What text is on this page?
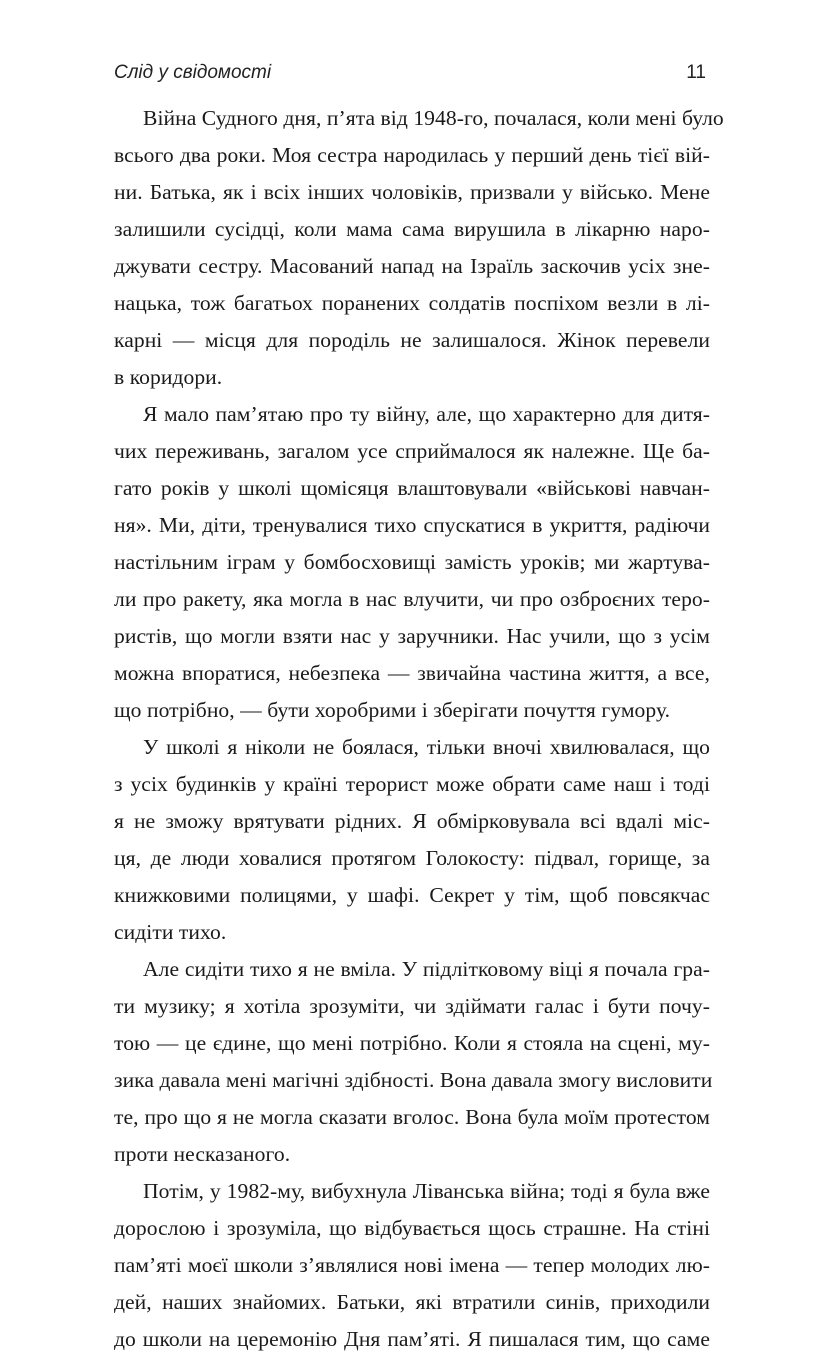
Слід у свідомості	11
Війна Судного дня, п’ята від 1948-го, почалася, коли мені було
всього два роки. Моя сестра народилась у перший день тієї вій-
ни. Батька, як і всіх інших чоловіків, призвали у військо. Мене
залишили сусідці, коли мама сама вирушила в лікарню наро-
джувати сестру. Масований напад на Ізраїль заскочив усіх зне-
нацька, тож багатьох поранених солдатів поспіхом везли в лі-
карні — місця для породіль не залишалося. Жінок перевели
в коридори.
Я мало пам’ятаю про ту війну, але, що характерно для дитя-
чих переживань, загалом усе сприймалося як належне. Ще ба-
гато років у школі щомісяця влаштовували «військові навчан-
ня». Ми, діти, тренувалися тихо спускатися в укриття, радіючи
настільним іграм у бомбосховищі замість уроків; ми жартува-
ли про ракету, яка могла в нас влучити, чи про озброєних теро-
ристів, що могли взяти нас у заручники. Нас учили, що з усім
можна впоратися, небезпека — звичайна частина життя, а все,
що потрібно, — бути хоробрими і зберігати почуття гумору.
У школі я ніколи не боялася, тільки вночі хвилювалася, що
з усіх будинків у країні терорист може обрати саме наш і тоді
я не зможу врятувати рідних. Я обмірковувала всі вдалі міс-
ця, де люди ховалися протягом Голокосту: підвал, горище, за
книжковими полицями, у шафі. Секрет у тім, щоб повсякчас
сидіти тихо.
Але сидіти тихо я не вміла. У підлітковому віці я почала гра-
ти музику; я хотіла зрозуміти, чи здіймати галас і бути почу-
тою — це єдине, що мені потрібно. Коли я стояла на сцені, му-
зика давала мені магічні здібності. Вона давала змогу висловити
те, про що я не могла сказати вголос. Вона була моїм протестом
проти несказаного.
Потім, у 1982-му, вибухнула Ліванська війна; тоді я була вже
дорослою і зрозуміла, що відбувається щось страшне. На стіні
пам’яті моєї школи з’являлися нові імена — тепер молодих лю-
дей, наших знайомих. Батьки, які втратили синів, приходили
до школи на церемонію Дня пам’яті. Я пишалася тим, що саме
